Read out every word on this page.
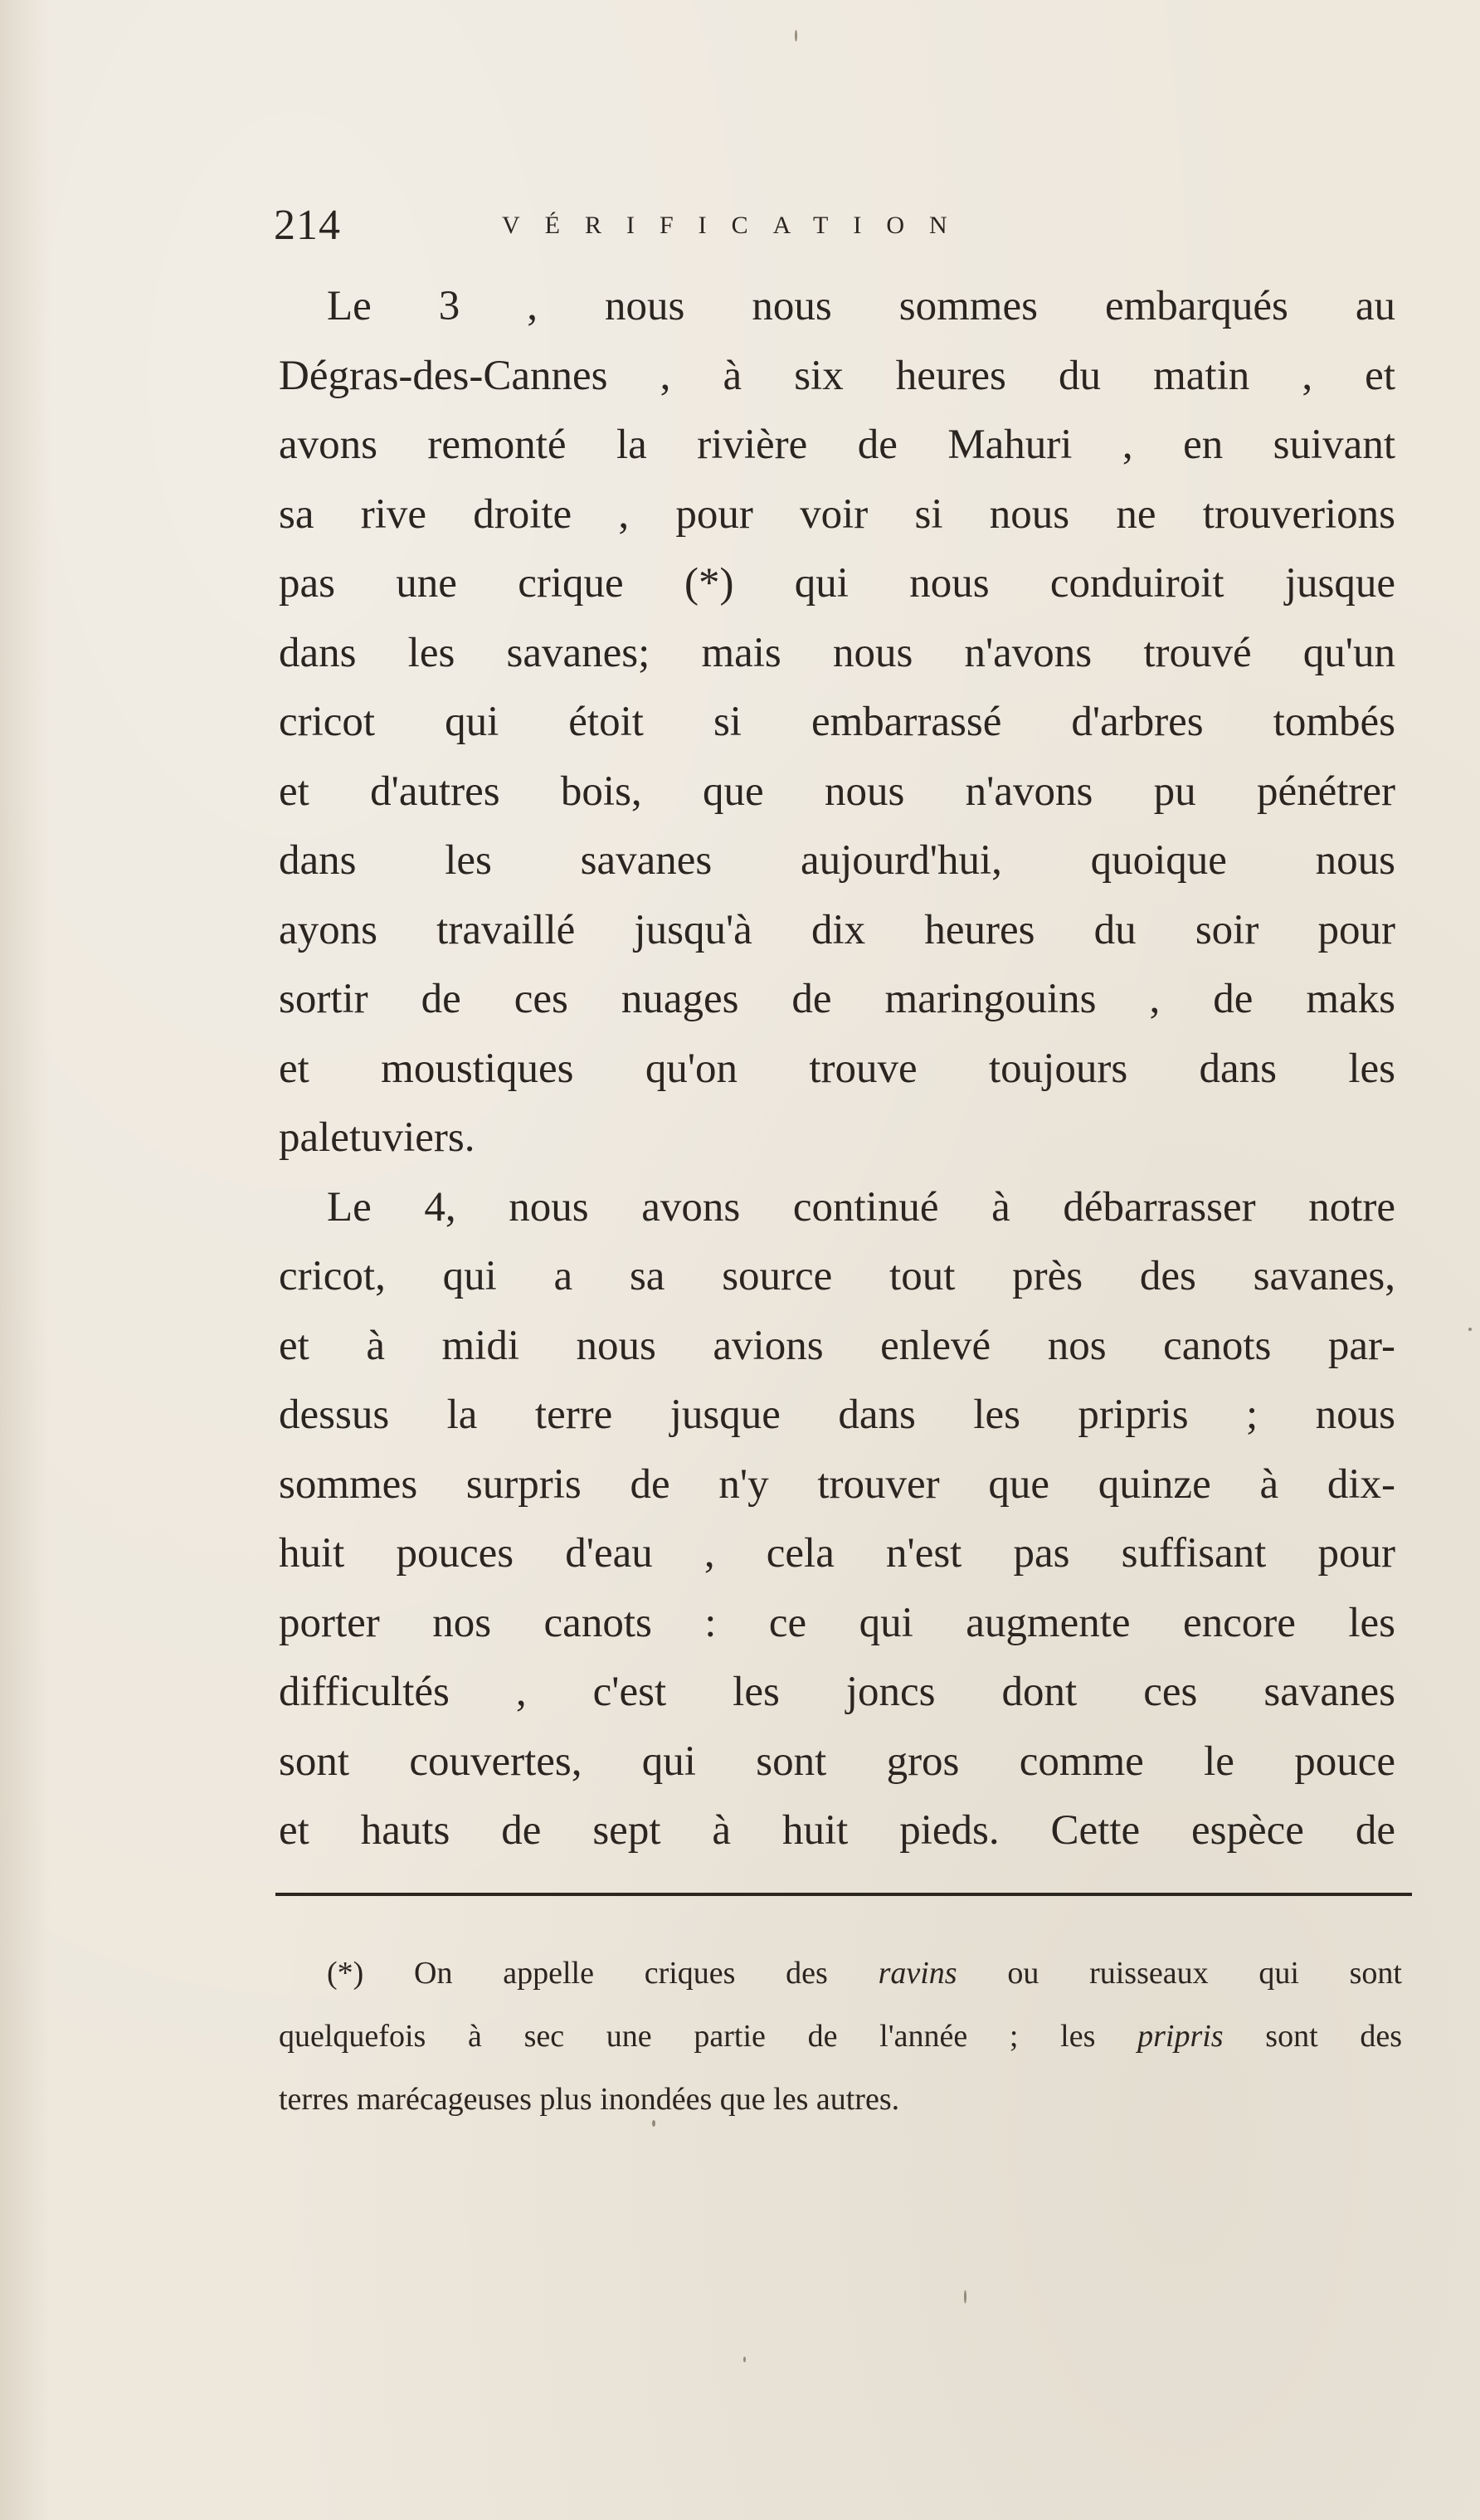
214	VÉRIFICATION
Le 3 , nous nous sommes embarqués au
Dégras-des-Cannes , à six heures du matin , et
avons remonté la rivière de Mahuri , en suivant
sa rive droite , pour voir si nous ne trouverions
pas une crique (*) qui nous conduiroit jusque
dans les savanes; mais nous n'avons trouvé qu'un
cricot qui étoit si embarrassé d'arbres tombés
et d'autres bois, que nous n'avons pu pénétrer
dans les savanes aujourd'hui, quoique nous
ayons travaillé jusqu'à dix heures du soir pour
sortir de ces nuages de maringouins , de maks
et moustiques qu'on trouve toujours dans les
paletuviers.
Le 4, nous avons continué à débarrasser notre
cricot, qui a sa source tout près des savanes,
et à midi nous avions enlevé nos canots par-
dessus la terre jusque dans les pripris ; nous
sommes surpris de n'y trouver que quinze à dix-
huit pouces d'eau , cela n'est pas suffisant pour
porter nos canots : ce qui augmente encore les
difficultés , c'est les joncs dont ces savanes
sont couvertes, qui sont gros comme le pouce
et hauts de sept à huit pieds. Cette espèce de
(*) On appelle criques des ravins ou ruisseaux qui sont
quelquefois à sec une partie de l'année ; les pripris sont des
terres marécageuses plus inondées que les autres.
